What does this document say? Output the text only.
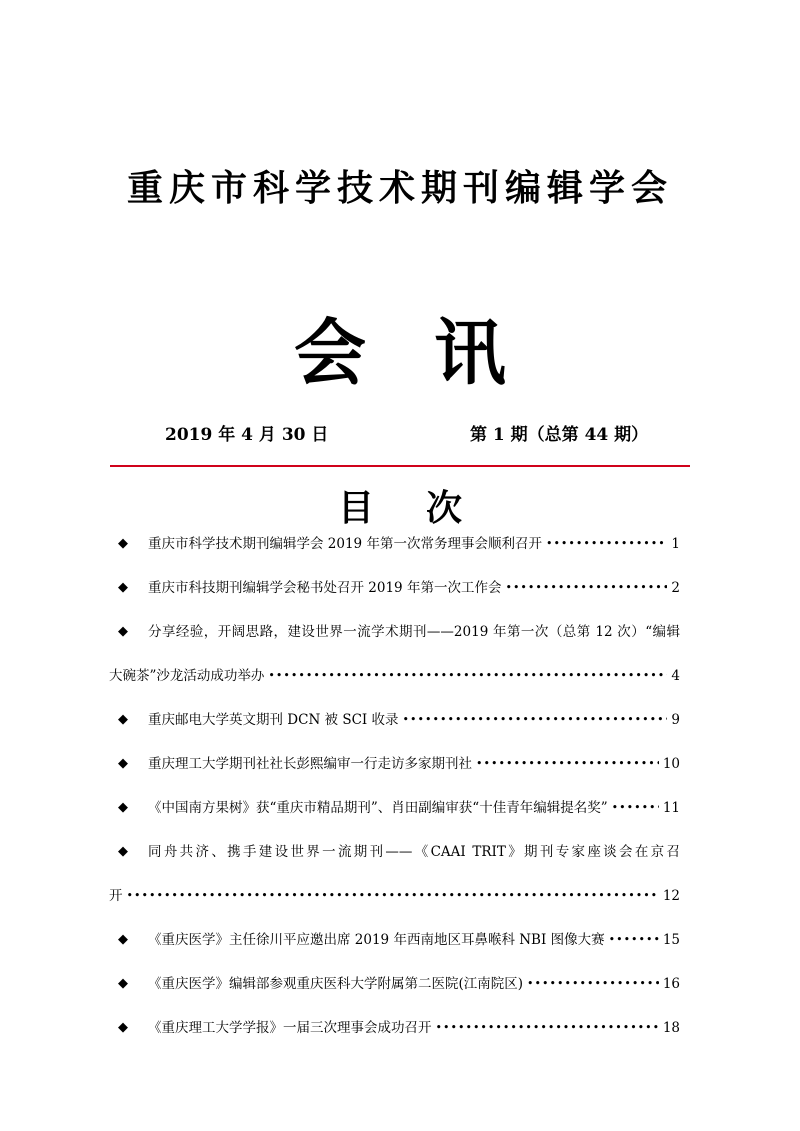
重庆市科学技术期刊编辑学会
会 讯
2019 年 4 月 30 日	第 1 期（总第 44 期）
目 次
◆	重庆市科学技术期刊编辑学会 2019 年第一次常务理事会顺利召开 •••••	1
◆	重庆市科技期刊编辑学会秘书处召开 2019 年第一次工作会 •••••	2
◆	分享经验，开阔思路，建设世界一流学术期刊——2019 年第一次（总第 12 次）“编辑
大碗茶”沙龙活动成功举办 •••••	4
◆	重庆邮电大学英文期刊 DCN 被 SCI 收录 •••••	9
◆	重庆理工大学期刊社社长彭熙编审一行走访多家期刊社 •••••	10
◆	《中国南方果树》获“重庆市精品期刊”、肖田副编审获“十佳青年编辑提名奖” •••••	11
◆	同舟共济、携手建设世界一流期刊——《CAAI TRIT》期刊专家座谈会在京召
开 •••••	12
◆	《重庆医学》主任徐川平应邀出席 2019 年西南地区耳鼻喉科 NBI 图像大赛 •••••	15
◆	《重庆医学》编辑部参观重庆医科大学附属第二医院(江南院区) •••••	16
◆	《重庆理工大学学报》一届三次理事会成功召开 •••••	18
